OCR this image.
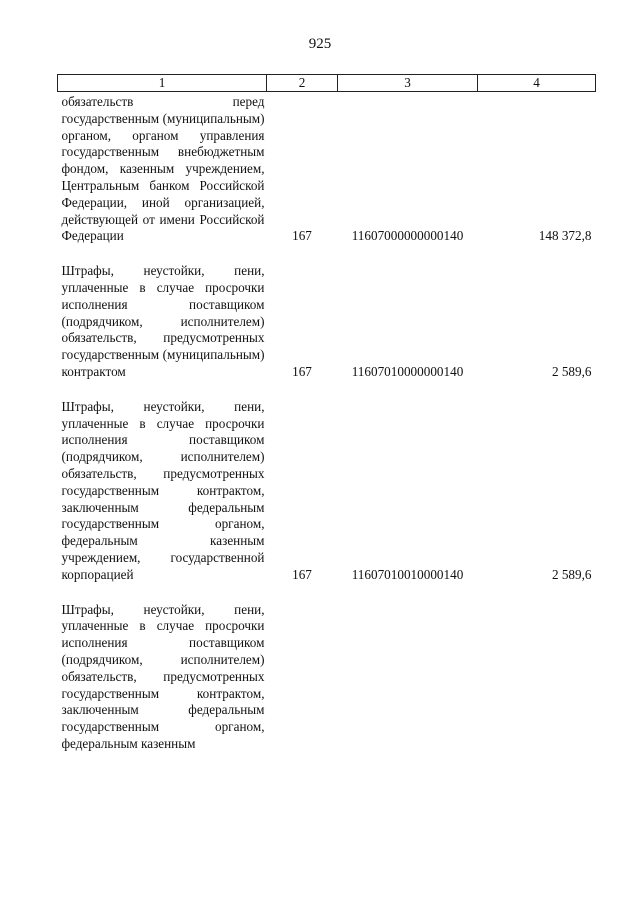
925
1	2	3	4
обязательств перед государственным (муниципальным) органом, органом управления государственным внебюджетным фондом, казенным учреждением, Центральным банком Российской Федерации, иной организацией, действующей от имени Российской Федерации	167	11607000000000140	148 372,8

Штрафы, неустойки, пени, уплаченные в случае просрочки исполнения поставщиком (подрядчиком, исполнителем) обязательств, предусмотренных государственным (муниципальным) контрактом	167	11607010000000140	2 589,6

Штрафы, неустойки, пени, уплаченные в случае просрочки исполнения поставщиком (подрядчиком, исполнителем) обязательств, предусмотренных государственным контрактом, заключенным федеральным государственным органом, федеральным казенным учреждением, государственной корпорацией	167	11607010010000140	2 589,6

Штрафы, неустойки, пени, уплаченные в случае просрочки исполнения поставщиком (подрядчиком, исполнителем) обязательств, предусмотренных государственным контрактом, заключенным федеральным государственным органом, федеральным казенным			
